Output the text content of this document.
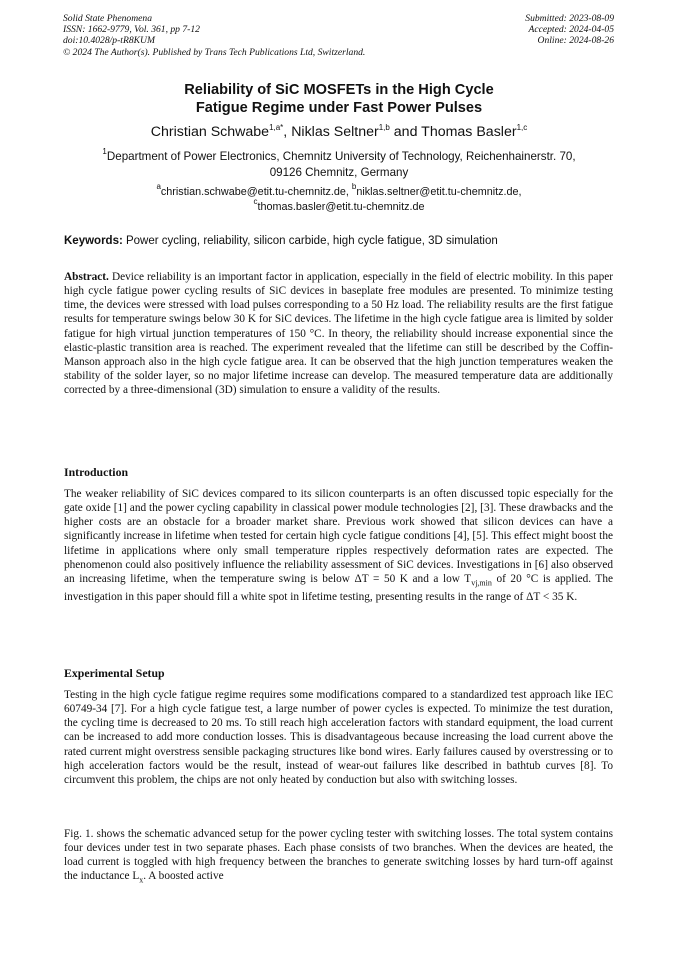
Solid State Phenomena
ISSN: 1662-9779, Vol. 361, pp 7-12
doi:10.4028/p-tR8KUM
© 2024 The Author(s). Published by Trans Tech Publications Ltd, Switzerland.
Submitted: 2023-08-09
Accepted: 2024-04-05
Online: 2024-08-26
Reliability of SiC MOSFETs in the High Cycle
Fatigue Regime under Fast Power Pulses
Christian Schwabe$^{1,a*}$, Niklas Seltner$^{1,b}$ and Thomas Basler$^{1,c}$
$^1$Department of Power Electronics, Chemnitz University of Technology, Reichenhainerstr. 70,
09126 Chemnitz, Germany
$^a$christian.schwabe@etit.tu-chemnitz.de, $^b$niklas.seltner@etit.tu-chemnitz.de,
$^c$thomas.basler@etit.tu-chemnitz.de
Keywords: Power cycling, reliability, silicon carbide, high cycle fatigue, 3D simulation

Abstract. Device reliability is an important factor in application, especially in the field of electric mobility. In this paper high cycle fatigue power cycling results of SiC devices in baseplate free modules are presented. To minimize testing time, the devices were stressed with load pulses corresponding to a 50 Hz load. The reliability results are the first fatigue results for temperature swings below 30 K for SiC devices. The lifetime in the high cycle fatigue area is limited by solder fatigue for high virtual junction temperatures of 150 °C. In theory, the reliability should increase exponential since the elastic-plastic transition area is reached. The experiment revealed that the lifetime can still be described by the Coffin-Manson approach also in the high cycle fatigue area. It can be observed that the high junction temperatures weaken the stability of the solder layer, so no major lifetime increase can develop. The measured temperature data are additionally corrected by a three-dimensional (3D) simulation to ensure a validity of the results.

Introduction

The weaker reliability of SiC devices compared to its silicon counterparts is an often discussed topic especially for the gate oxide [1] and the power cycling capability in classical power module technologies [2], [3]. These drawbacks and the higher costs are an obstacle for a broader market share. Previous work showed that silicon devices can have a significantly increase in lifetime when tested for certain high cycle fatigue conditions [4], [5]. This effect might boost the lifetime in applications where only small temperature ripples respectively deformation rates are expected. The phenomenon could also positively influence the reliability assessment of SiC devices. Investigations in [6] also observed an increasing lifetime, when the temperature swing is below ΔT = 50 K and a low $T_{vj,min}$ of 20 °C is applied. The investigation in this paper should fill a white spot in lifetime testing, presenting results in the range of ΔT < 35 K.

Experimental Setup

Testing in the high cycle fatigue regime requires some modifications compared to a standardized test approach like IEC 60749-34 [7]. For a high cycle fatigue test, a large number of power cycles is expected. To minimize the test duration, the cycling time is decreased to 20 ms. To still reach high acceleration factors with standard equipment, the load current can be increased to add more conduction losses. This is disadvantageous because increasing the load current above the rated current might overstress sensible packaging structures like bond wires. Early failures caused by overstressing or to high acceleration factors would be the result, instead of wear-out failures like described in bathtub curves [8]. To circumvent this problem, the chips are not only heated by conduction but also with switching losses.

Fig. 1. shows the schematic advanced setup for the power cycling tester with switching losses. The total system contains four devices under test in two separate phases. Each phase consists of two branches. When the devices are heated, the load current is toggled with high frequency between the branches to generate switching losses by hard turn-off against the inductance $L_x$. A boosted active
